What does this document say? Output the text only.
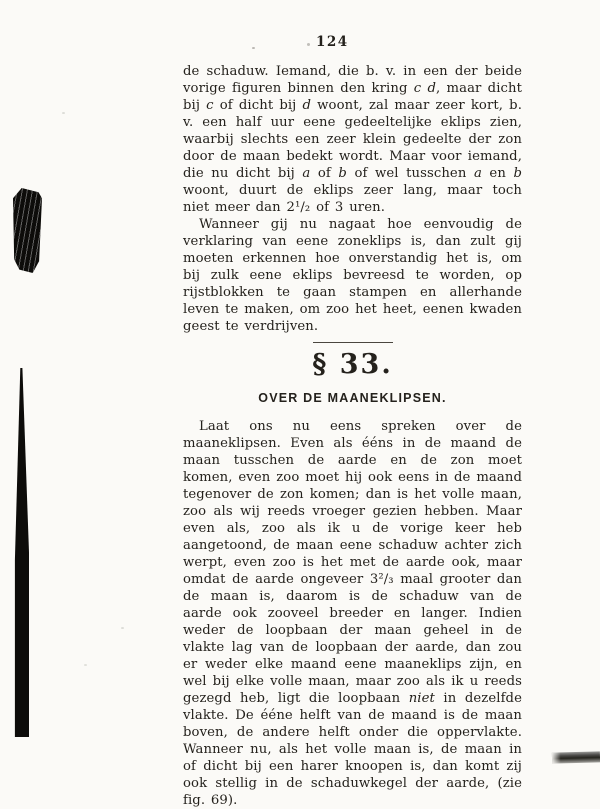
124

de schaduw. Iemand, die b. v. in een der beide vorige figuren binnen den kring c d, maar dicht bij c of dicht bij d woont, zal maar zeer kort, b. v. een half uur eene gedeeltelijke eklips zien, waarbij slechts een zeer klein gedeelte der zon door de maan bedekt wordt. Maar voor iemand, die nu dicht bij a of b of wel tusschen a en b woont, duurt de eklips zeer lang, maar toch niet meer dan 2¹/₂ of 3 uren.

Wanneer gij nu nagaat hoe eenvoudig de verklaring van eene zoneklips is, dan zult gij moeten erkennen hoe onverstandig het is, om bij zulk eene eklips bevreesd te worden, op rijstblokken te gaan stampen en allerhande leven te maken, om zoo het heet, eenen kwaden geest te verdrijven.

§ 33.
OVER DE MAANEKLIPSEN.

Laat ons nu eens spreken over de maaneklipsen. Even als ééns in de maand de maan tusschen de aarde en de zon moet komen, even zoo moet hij ook eens in de maand tegenover de zon komen; dan is het volle maan, zoo als wij reeds vroeger gezien hebben. Maar even als, zoo als ik u de vorige keer heb aangetoond, de maan eene schaduw achter zich werpt, even zoo is het met de aarde ook, maar omdat de aarde ongeveer 3²/₃ maal grooter dan de maan is, daarom is de schaduw van de aarde ook zooveel breeder en langer. Indien weder de loopbaan der maan geheel in de vlakte lag van de loopbaan der aarde, dan zou er weder elke maand eene maaneklips zijn, en wel bij elke volle maan, maar zoo als ik u reeds gezegd heb, ligt die loopbaan niet in dezelfde vlakte. De ééne helft van de maand is de maan boven, de andere helft onder die oppervlakte. Wanneer nu, als het volle maan is, de maan in of dicht bij een harer knoopen is, dan komt zij ook stellig in de schaduwkegel der aarde, (zie fig. 69).
